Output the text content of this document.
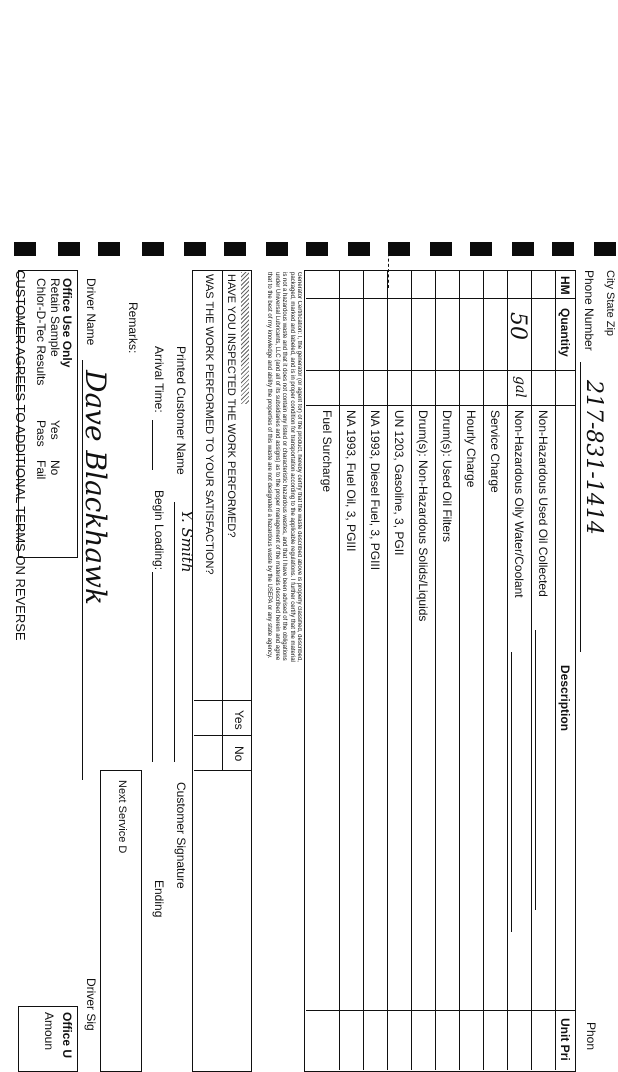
City State Zip
Phone Number
217-831-1414
Phon
HM
Quantity
Description
Unit Pri
Non-Hazardous Used Oil Collected
50
gal
Non-Hazardous Oily Water/Coolant
Service Charge
Hourly Charge
Drum(s): Used Oil Filters
Drum(s): Non-Hazardous Solids/Liquids
UN 1203, Gasoline, 3, PGII
NA 1993, Diesel Fuel, 3, PGIII
NA 1993, Fuel Oil, 3, PGIII
Fuel Surcharge
Generator Certification: I, the generator (or agent for) of the product, hereby certify that the waste described above is properly classified, described, packaged, marked and labeled, and is in proper condition for transportation according to the applicable regulations. I further certify that the material is not a hazardous waste and that it does not contain any listed or characteristic hazardous wastes, and that I have been advised of the obligations under Universal Lubricants, LLC (and all of its subsidiaries and assigns) as to the proper management of the materials described herein and agree that to the best of my knowledge and ability the properties of this waste are not designated a hazardous waste by the USEPA or any state agency.
Yes
No
HAVE YOU INSPECTED THE WORK PERFORMED?
WAS THE WORK PERFORMED TO YOUR SATISFACTION?
Printed Customer Name
Y. Smith
Customer Signature
Arrival Time:
Begin Loading:
Ending
Remarks:
Next Service D
Driver Name
Dave Blackhawk
Driver Sig
Office Use Only
Retain Sample
Chlor-D-Tec Results
Yes
No
Pass
Fail
Office U
Amoun
CUSTOMER AGREES TO ADDITIONAL TERMS ON REVERSE
